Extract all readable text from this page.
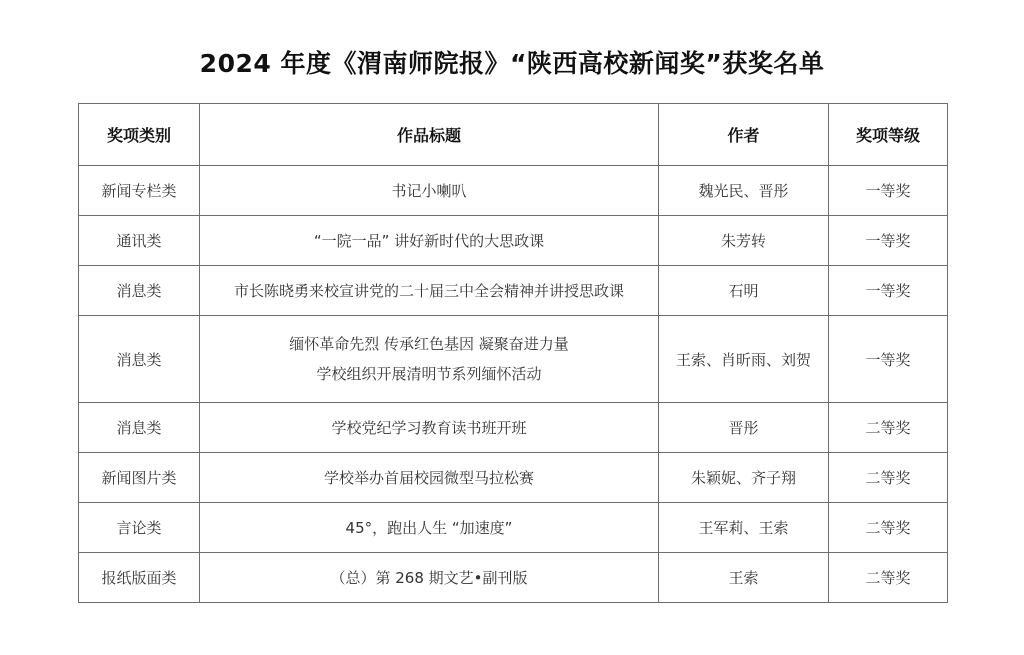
2024 年度《渭南师院报》“陕西高校新闻奖”获奖名单
奖项类别	作品标题	作者	奖项等级
新闻专栏类	书记小喇叭	魏光民、晋彤	一等奖
通讯类	“一院一品” 讲好新时代的大思政课	朱芳转	一等奖
消息类	市长陈晓勇来校宣讲党的二十届三中全会精神并讲授思政课	石明	一等奖
消息类	缅怀革命先烈 传承红色基因 凝聚奋进力量
学校组织开展清明节系列缅怀活动	王索、肖昕雨、刘贺	一等奖
消息类	学校党纪学习教育读书班开班	晋彤	二等奖
新闻图片类	学校举办首届校园微型马拉松赛	朱颖妮、齐子翔	二等奖
言论类	45°，跑出人生 “加速度”	王军莉、王索	二等奖
报纸版面类	（总）第 268 期文艺•副刊版	王索	二等奖
